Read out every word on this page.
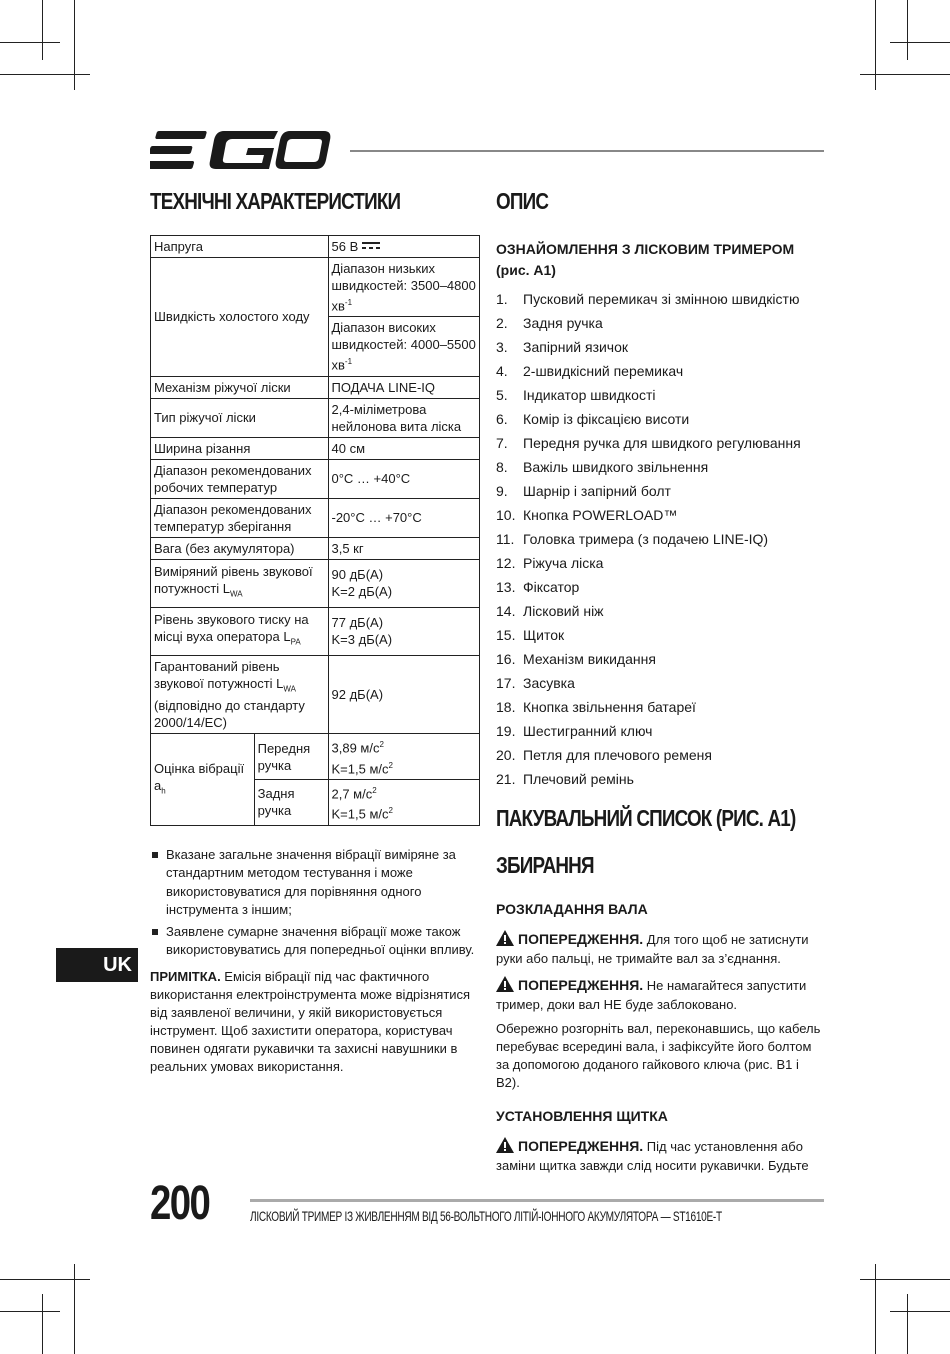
ТЕХНІЧНІ ХАРАКТЕРИСТИКИ
Напруга		56 В
Швидкість холостого ходу		Діапазон низьких швидкостей: 3500–4800 $хв^{-1}$
		Діапазон високих швидкостей: 4000–5500 $хв^{-1}$
Механізм ріжучої ліски		ПОДАЧА LINE-IQ
Тип ріжучої ліски		2,4-міліметрова нейлонова вита ліска
Ширина різання		40 см
Діапазон рекомендованих робочих температур		0°C … +40°C
Діапазон рекомендованих температур зберігання		-20°C … +70°C
Вага (без акумулятора)		3,5 кг
Виміряний рівень звукової потужності $L_{WA}$		90 дБ(A)
K=2 дБ(A)

Рівень звукового тиску на місці вуха оператора $L_{PA}$		77 дБ(A)
K=3 дБ(A)

Гарантований рівень звукової потужності $L_{WA}$ (відповідно до стандарту 2000/14/EC)		92 дБ(A)
Оцінка вібрації $a_h$	Передня ручка	3,89 $м/с^2$
K=1,5 $м/с^2$

	Задня ручка	2,7 $м/с^2$
K=1,5 $м/с^2$
Вказане загальне значення вібрації виміряне за стандартним методом тестування і може використовуватися для порівняння одного інструмента з іншим;
Заявлене сумарне значення вібрації може також використовуватись для попередньої оцінки впливу.

ПРИМІТКА. Емісія вібрації під час фактичного використання електроінструмента може відрізнятися від заявленої величини, у якій використовується інструмент. Щоб захистити оператора, користувач повинен одягати рукавички та захисні навушники в реальних умовах використання.

UK
ОПИС

ОЗНАЙОМЛЕННЯ З ЛІСКОВИМ ТРИМЕРОМ (рис. A1)

1.	Пусковий перемикач зі змінною швидкістю
2.	Задня ручка
3.	Запірний язичок
4.	2-швидкісний перемикач
5.	Індикатор швидкості
6.	Комір із фіксацією висоти
7.	Передня ручка для швидкого регулювання
8.	Важіль швидкого звільнення
9.	Шарнір і запірний болт
10. Кнопка POWERLOAD™
11. Головка тримера (з подачею LINE-IQ)
12. Ріжуча ліска
13. Фіксатор
14. Лісковий ніж
15. Щиток
16. Механізм викидання
17. Засувка
18. Кнопка звільнення батареї
19. Шестигранний ключ
20. Петля для плечового ременя
21. Плечовий ремінь
ПАКУВАЛЬНИЙ СПИСОК (РИС. A1)
ЗБИРАННЯ

РОЗКЛАДАННЯ ВАЛА

ПОПЕРЕДЖЕННЯ. Для того щоб не затиснути руки або пальці, не тримайте вал за з’єднання.

ПОПЕРЕДЖЕННЯ. Не намагайтеся запустити тример, доки вал НЕ буде заблоковано.

Обережно розгорніть вал, переконавшись, що кабель перебуває всередині вала, і зафіксуйте його болтом за допомогою доданого гайкового ключа (рис. B1 і B2).

УСТАНОВЛЕННЯ ЩИТКА

ПОПЕРЕДЖЕННЯ. Під час установлення або заміни щитка завжди слід носити рукавички. Будьте

200	ЛІСКОВИЙ ТРИМЕР ІЗ ЖИВЛЕННЯМ ВІД 56-ВОЛЬТНОГО ЛІТІЙ-ІОННОГО АКУМУЛЯТОРА — ST1610E-T
